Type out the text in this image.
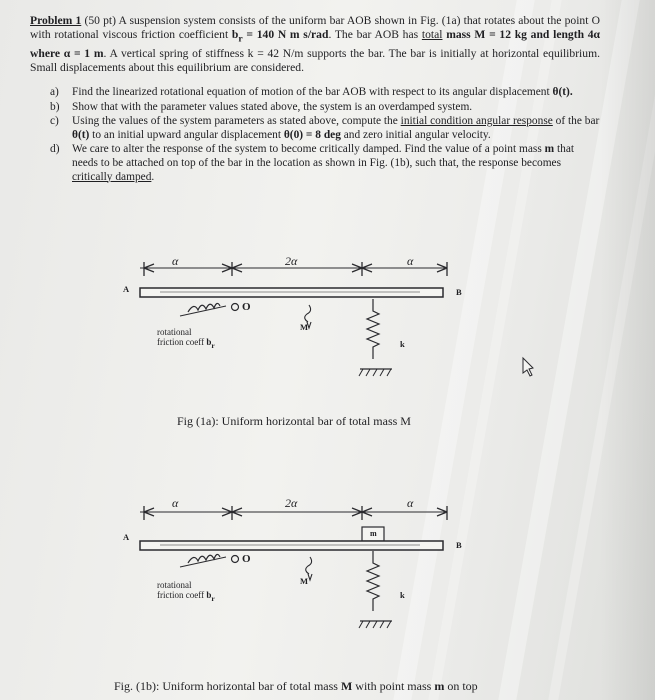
Problem 1 (50 pt) A suspension system consists of the uniform bar AOB shown in Fig. (1a) that rotates about the point O with rotational viscous friction coefficient $b_r = 140$ N m s/rad. The bar AOB has total mass M = 12 kg and length 4α where α = 1 m. A vertical spring of stiffness k = 42 N/m supports the bar. The bar is initially at horizontal equilibrium. Small displacements about this equilibrium are considered.
a)	Find the linearized rotational equation of motion of the bar AOB with respect to its angular displacement θ(t).
b)	Show that with the parameter values stated above, the system is an overdamped system.
c)	Using the values of the system parameters as stated above, compute the initial condition angular response of the bar θ(t) to an initial upward angular displacement θ(0) = 8 deg and zero initial angular velocity.
d)	We care to alter the response of the system to become critically damped. Find the value of a point mass m that needs to be attached on top of the bar in the location as shown in Fig. (1b), such that, the response becomes critically damped.
α	2α	α
A	B
M
k
rotational
friction coeff $b_r$
Fig (1a): Uniform horizontal bar of total mass M
α	2α	α
m
A
B
M
k
rotational
friction coeff $b_r$
Fig. (1b): Uniform horizontal bar of total mass M with point mass m on top
O
O
